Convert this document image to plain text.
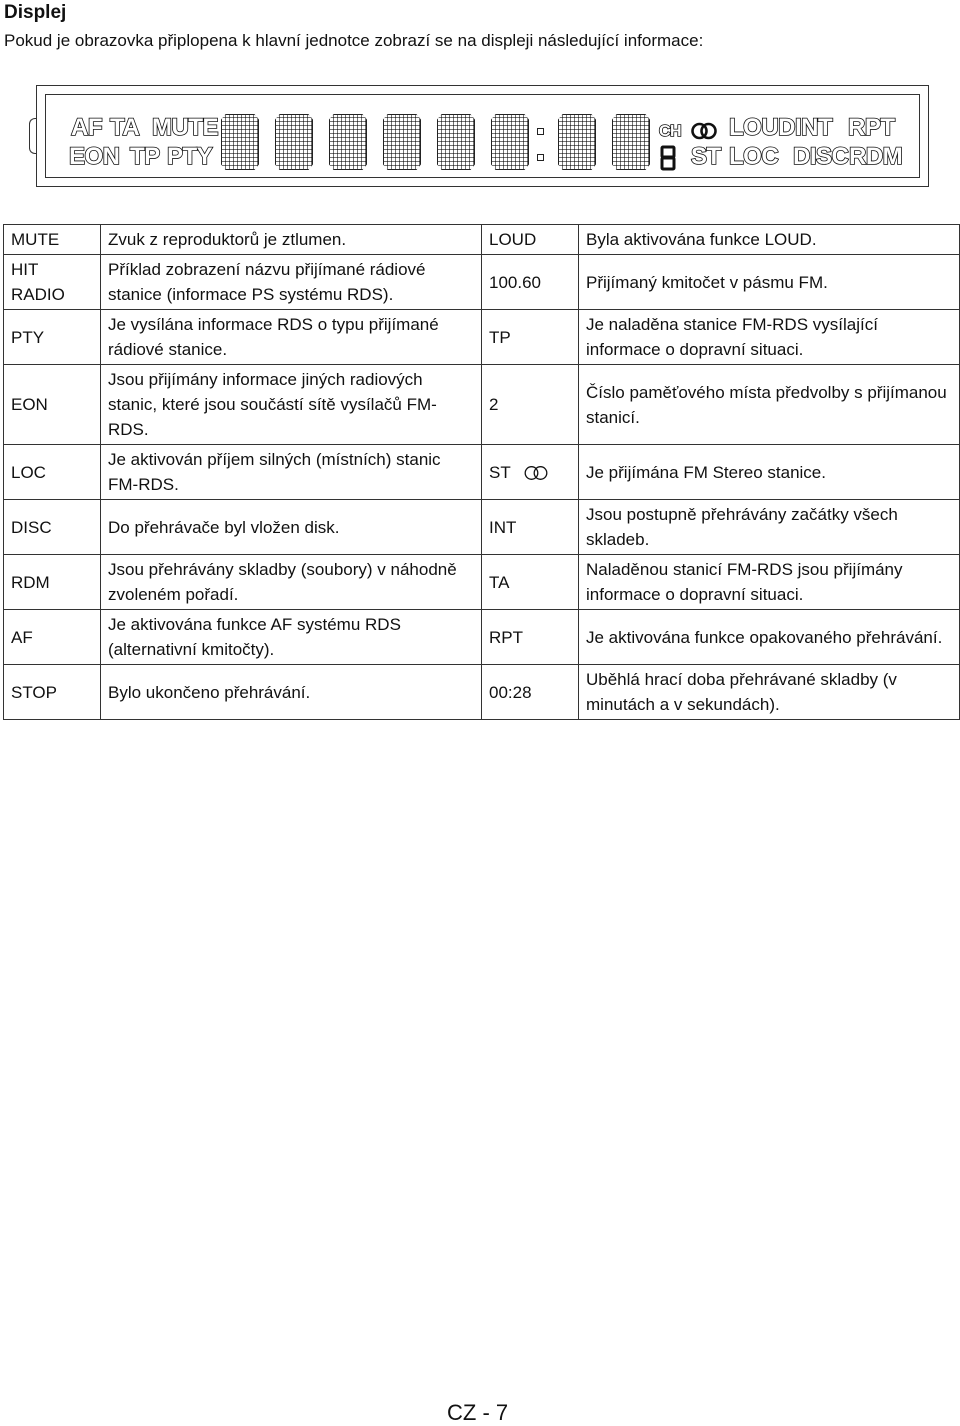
Displej

Pokud je obrazovka připlopena k hlavní jednotce zobrazí se na displeji následující informace:

AF TA MUTE
EON TP PTY
CH LOUD INT RPT
ST LOC DISC RDM
MUTE	Zvuk z reproduktorů je ztlumen.	LOUD	Byla aktivována funkce LOUD.
HIT RADIO	Příklad zobrazení názvu přijímané rádiové stanice (informace PS systému RDS).	100.60	Přijímaný kmitočet v pásmu FM.
PTY	Je vysílána informace RDS o typu přijímané rádiové stanice.	TP	Je naladěna stanice FM-RDS vysílající informace o dopravní situaci.
EON	Jsou přijímány informace jiných radiových stanic, které jsou součástí sítě vysílačů FM-RDS.	2	Číslo paměťového místa předvolby s přijímanou stanicí.
LOC	Je aktivován příjem silných (místních) stanic FM-RDS.	ST	Je přijímána FM Stereo stanice.
DISC	Do přehrávače byl vložen disk.	INT	Jsou postupně přehrávány začátky všech skladeb.
RDM	Jsou přehrávány skladby (soubory) v náhodně zvoleném pořadí.	TA	Naladěnou stanicí FM-RDS jsou přijímány informace o dopravní situaci.
AF	Je aktivována funkce AF systému RDS (alternativní kmitočty).	RPT	Je aktivována funkce opakovaného přehrávání.
STOP	Bylo ukončeno přehrávání.	00:28	Uběhlá hrací doba přehrávané skladby (v minutách a v sekundách).

CZ - 7
